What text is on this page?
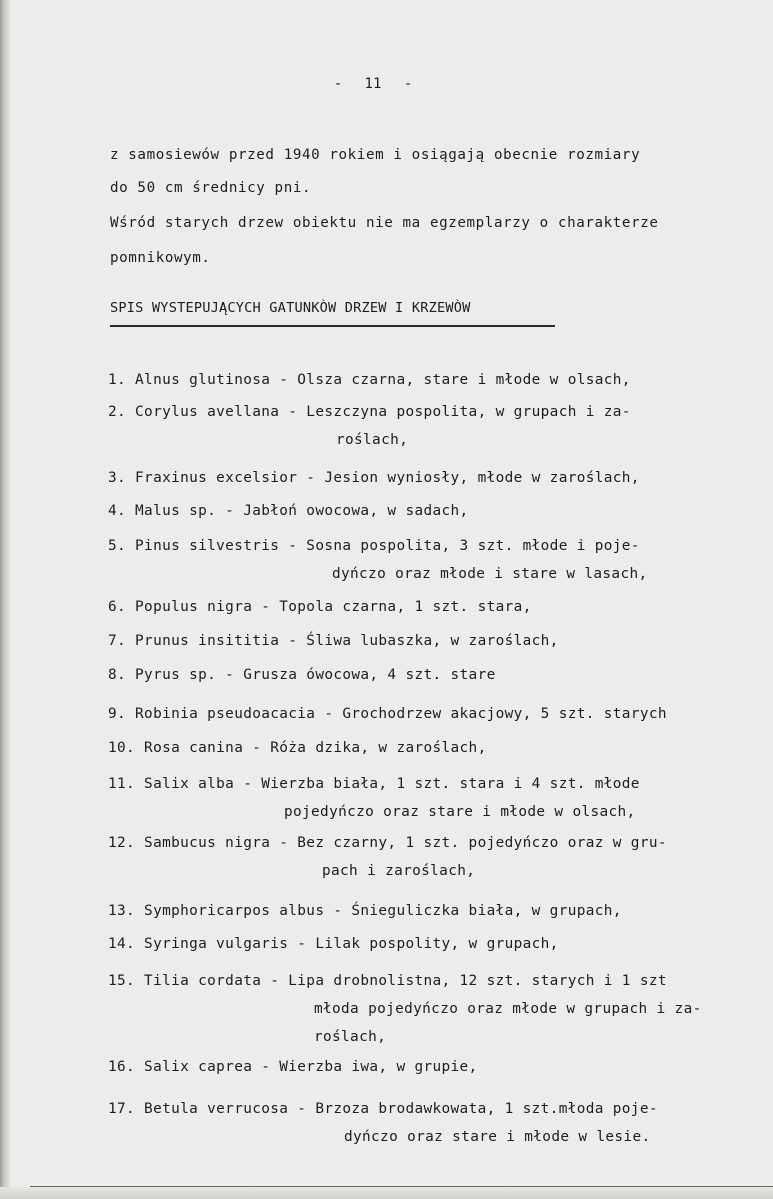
- 11 -
z samosiewów przed 1940 rokiem i osiągają obecnie rozmiary
do 50 cm średnicy pni.
Wśród starych drzew obiektu nie ma egzemplarzy o charakterze
pomnikowym.
SPIS WYSTEPUJĄCYCH GATUNKÒW DRZEW I KRZEWÒW
1. Alnus glutinosa - Olsza czarna, stare i młode w olsach,
2. Corylus avellana - Leszczyna pospolita, w grupach i za-
roślach,
3. Fraxinus excelsior - Jesion wyniosły, młode w zaroślach,
4. Malus sp. - Jabłoń owocowa, w sadach,
5. Pinus silvestris - Sosna pospolita, 3 szt. młode i poje-
dyńczo oraz młode i stare w lasach,
6. Populus nigra - Topola czarna, 1 szt. stara,
7. Prunus insititia - Śliwa lubaszka, w zaroślach,
8. Pyrus sp. - Grusza ówocowa, 4 szt. stare
9. Robinia pseudoacacia - Grochodrzew akacjowy, 5 szt. starych
10. Rosa canina - Róża dzika, w zaroślach,
11. Salix alba - Wierzba biała, 1 szt. stara i 4 szt. młode
pojedyńczo oraz stare i młode w olsach,
12. Sambucus nigra - Bez czarny, 1 szt. pojedyńczo oraz w gru-
pach i zaroślach,
13. Symphoricarpos albus - Śnieguliczka biała, w grupach,
14. Syringa vulgaris - Lilak pospolity, w grupach,
15. Tilia cordata - Lipa drobnolistna, 12 szt. starych i 1 szt
młoda pojedyńczo oraz młode w grupach i za-
roślach,
16. Salix caprea - Wierzba iwa, w grupie,
17. Betula verrucosa - Brzoza brodawkowata, 1 szt.młoda poje-
dyńczo oraz stare i młode w lesie.
